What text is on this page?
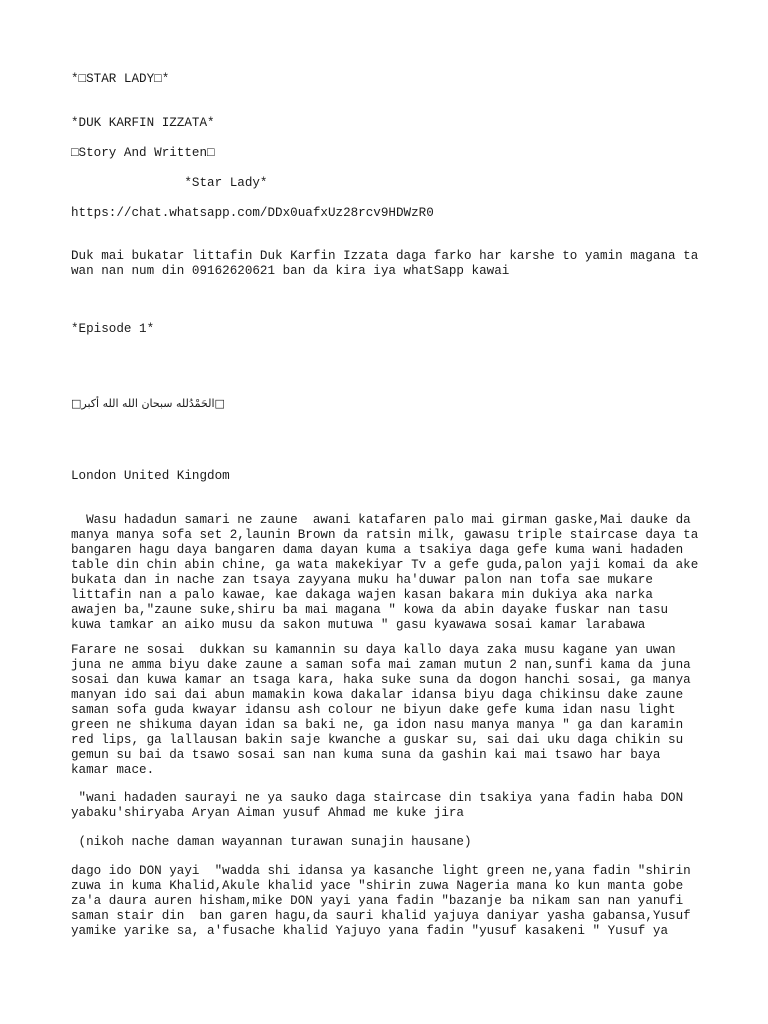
*□STAR LADY□*

*DUK KARFIN IZZATA*

□Story And Written□

*Star Lady*

https://chat.whatsapp.com/DDx0uafxUz28rcv9HDWzR0

Duk mai bukatar littafin Duk Karfin Izzata daga farko har karshe to yamin magana ta

wan nan num din 09162620621 ban da kira iya whatSapp kawai

*Episode 1*

□الحَمْدُلله سبحان الله الله أكبر□

London United Kingdom

Wasu hadadun samari ne zaune  awani katafaren palo mai girman gaske,Mai dauke da

manya manya sofa set 2,launin Brown da ratsin milk, gawasu triple staircase daya ta

bangaren hagu daya bangaren dama dayan kuma a tsakiya daga gefe kuma wani hadaden

table din chin abin chine, ga wata makekiyar Tv a gefe guda,palon yaji komai da ake

bukata dan in nache zan tsaya zayyana muku ha'duwar palon nan tofa sae mukare

littafin nan a palo kawae, kae dakaga wajen kasan bakara min dukiya aka narka

awajen ba,"zaune suke,shiru ba mai magana " kowa da abin dayake fuskar nan tasu

kuwa tamkar an aiko musu da sakon mutuwa " gasu kyawawa sosai kamar larabawa

Farare ne sosai  dukkan su kamannin su daya kallo daya zaka musu kagane yan uwan

juna ne amma biyu dake zaune a saman sofa mai zaman mutun 2 nan,sunfi kama da juna

sosai dan kuwa kamar an tsaga kara, haka suke suna da dogon hanchi sosai, ga manya

manyan ido sai dai abun mamakin kowa dakalar idansa biyu daga chikinsu dake zaune

saman sofa guda kwayar idansu ash colour ne biyun dake gefe kuma idan nasu light

green ne shikuma dayan idan sa baki ne, ga idon nasu manya manya " ga dan karamin

red lips, ga lallausan bakin saje kwanche a guskar su, sai dai uku daga chikin su

gemun su bai da tsawo sosai san nan kuma suna da gashin kai mai tsawo har baya

kamar mace.

"wani hadaden saurayi ne ya sauko daga staircase din tsakiya yana fadin haba DON

yabaku'shiryaba Aryan Aiman yusuf Ahmad me kuke jira

(nikoh nache daman wayannan turawan sunajin hausane)

dago ido DON yayi  "wadda shi idansa ya kasanche light green ne,yana fadin "shirin

zuwa in kuma Khalid,Akule khalid yace "shirin zuwa Nageria mana ko kun manta gobe

za'a daura auren hisham,mike DON yayi yana fadin "bazanje ba nikam san nan yanufi

saman stair din  ban garen hagu,da sauri khalid yajuya daniyar yasha gabansa,Yusuf

yamike yarike sa, a'fusache khalid Yajuyo yana fadin "yusuf kasakeni " Yusuf ya
